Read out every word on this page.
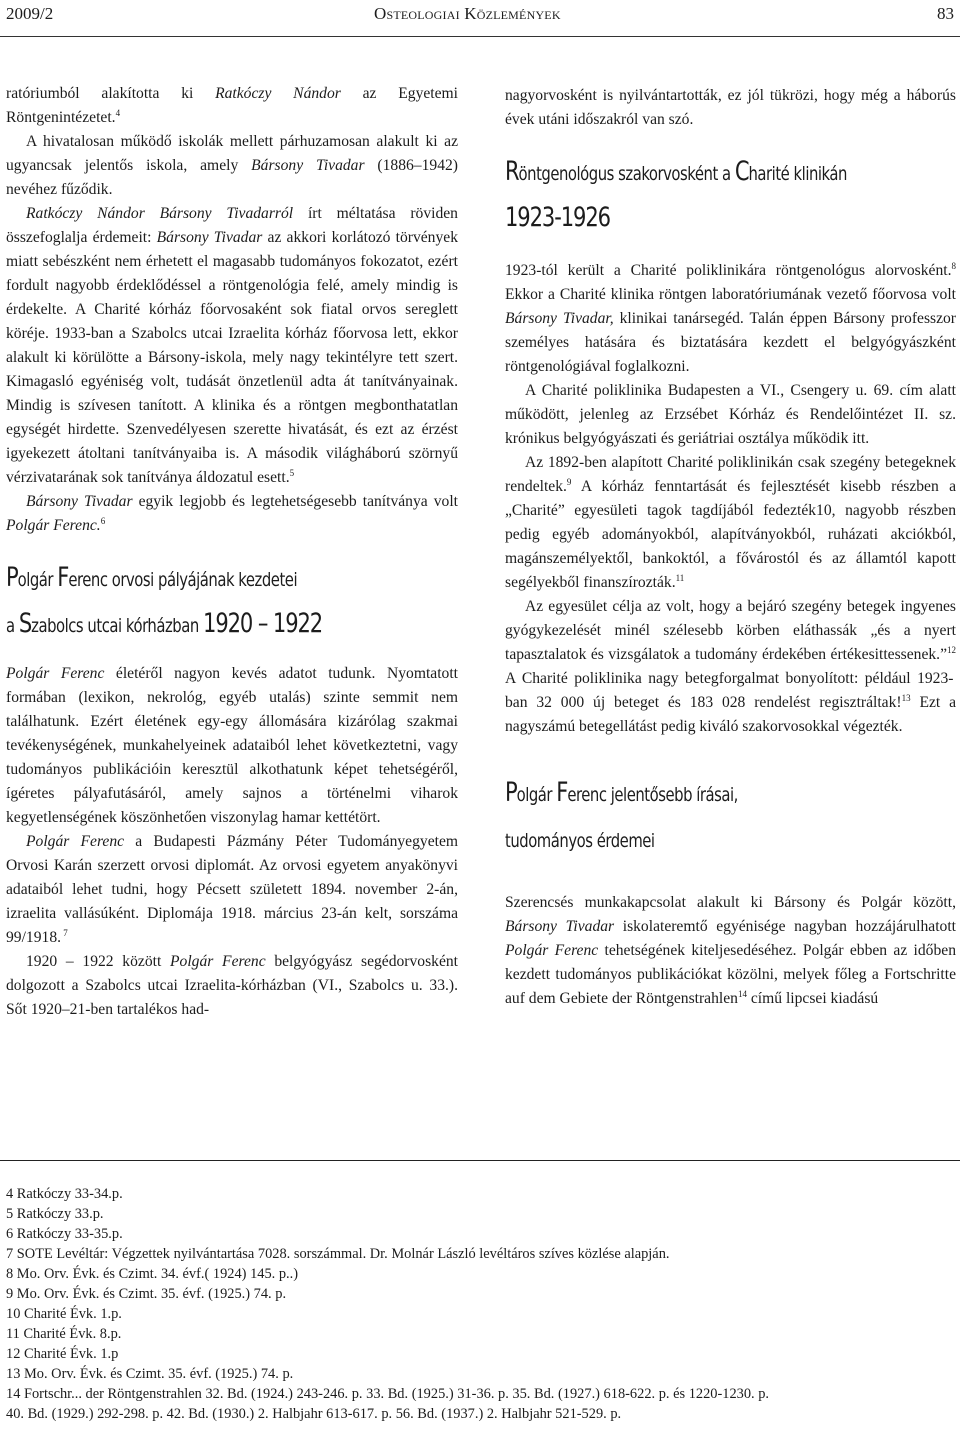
2009/2	Osteologiai Közlemények	83

ratóriumból alakította ki Ratkóczy Nándor az Egyetemi Röntgenintézetet.$^4$

A hivatalosan működő iskolák mellett párhuzamosan alakult ki az ugyancsak jelentős iskola, amely Bársony Tivadar (1886–1942) nevéhez fűződik.

Ratkóczy Nándor Bársony Tivadarról írt méltatása röviden összefoglalja érdemeit: Bársony Tivadar az akkori korlátozó törvények miatt sebészként nem érhetett el magasabb tudományos fokozatot, ezért fordult nagyobb érdeklődéssel a röntgenológia felé, amely mindig is érdekelte. A Charité kórház főorvosaként sok fiatal orvos sereglett köréje. 1933-ban a Szabolcs utcai Izraelita kórház főorvosa lett, ekkor alakult ki körülötte a Bársony-iskola, mely nagy tekintélyre tett szert. Kimagasló egyéniség volt, tudását önzetlenül adta át tanítványainak. Mindig is szívesen tanított. A klinika és a röntgen megbonthatatlan egységét hirdette. Szenvedélyesen szerette hivatását, és ezt az érzést igyekezett átoltani tanítványaiba is. A második világháború szörnyű vérzivatarának sok tanítványa áldozatul esett.$^5$

Bársony Tivadar egyik legjobb és legtehetségesebb tanítványa volt Polgár Ferenc.$^6$

Polgár Ferenc orvosi pályájának kezdetei
a Szabolcs utcai kórházban 1920 – 1922

Polgár Ferenc életéről nagyon kevés adatot tudunk. Nyomtatott formában (lexikon, nekrológ, egyéb utalás) szinte semmit nem találhatunk. Ezért életének egy-egy állomására kizárólag szakmai tevékenységének, munkahelyeinek adataiból lehet következtetni, vagy tudományos publikációin keresztül alkothatunk képet tehetségéről, ígéretes pályafutásáról, amely sajnos a történelmi viharok kegyetlenségének köszönhetően viszonylag hamar kettétört.

Polgár Ferenc a Budapesti Pázmány Péter Tudományegyetem Orvosi Karán szerzett orvosi diplomát. Az orvosi egyetem anyakönyvi adataiból lehet tudni, hogy Pécsett született 1894. november 2-án, izraelita vallásúként. Diplomája 1918. március 23-án kelt, sorszáma 99/1918. $^7$

1920 – 1922 között Polgár Ferenc belgyógyász segédorvosként dolgozott a Szabolcs utcai Izraelita-kórházban (VI., Szabolcs u. 33.). Sőt 1920–21-ben tartalékos had-

nagyorvosként is nyilvántartották, ez jól tükrözi, hogy még a háborús évek utáni időszakról van szó.

Röntgenológus szakorvosként a Charité klinikán
1923-1926

1923-tól került a Charité poliklinikára röntgenológus alorvosként.$^8$ Ekkor a Charité klinika röntgen laboratóriumának vezető főorvosa volt Bársony Tivadar, klinikai tanársegéd. Talán éppen Bársony professzor személyes hatására és biztatására kezdett el belgyógyászként röntgenológiával foglalkozni.

A Charité poliklinika Budapesten a VI., Csengery u. 69. cím alatt működött, jelenleg az Erzsébet Kórház és Rendelőintézet II. sz. krónikus belgyógyászati és geriátriai osztálya működik itt.

Az 1892-ben alapított Charité poliklinikán csak szegény betegeknek rendeltek.$^9$ A kórház fenntartását és fejlesztését kisebb részben a „Charité” egyesületi tagok tagdíjából fedezték10, nagyobb részben pedig egyéb adományokból, alapítványokból, ruházati akciókból, magánszemélyektől, bankoktól, a fővárostól és az államtól kapott segélyekből finanszírozták.$^{11}$

Az egyesület célja az volt, hogy a bejáró szegény betegek ingyenes gyógykezelését minél szélesebb körben eláthassák „és a nyert tapasztalatok és vizsgálatok a tudomány érdekében értékesittessenek.”$^{12}$ A Charité poliklinika nagy betegforgalmat bonyolított: például 1923-ban 32 000 új beteget és 183 028 rendelést regisztráltak!$^{13}$ Ezt a nagyszámú betegellátást pedig kiváló szakorvosokkal végezték.

Polgár Ferenc jelentősebb írásai,
tudományos érdemei

Szerencsés munkakapcsolat alakult ki Bársony és Polgár között, Bársony Tivadar iskolateremtő egyénisége nagyban hozzájárulhatott Polgár Ferenc tehetségének kiteljesedéséhez. Polgár ebben az időben kezdett tudományos publikációkat közölni, melyek főleg a Fortschritte auf dem Gebiete der Röntgenstrahlen$^{14}$ című lipcsei kiadású

4 Ratkóczy 33-34.p.
5 Ratkóczy 33.p.
6 Ratkóczy 33-35.p.
7 SOTE Levéltár: Végzettek nyilvántartása 7028. sorszámmal. Dr. Molnár László levéltáros szíves közlése alapján.
8 Mo. Orv. Évk. és Czimt. 34. évf.( 1924) 145. p..)
9 Mo. Orv. Évk. és Czimt. 35. évf. (1925.) 74. p.
10 Charité Évk. 1.p.
11 Charité Évk. 8.p.
12 Charité Évk. 1.p
13 Mo. Orv. Évk. és Czimt. 35. évf. (1925.) 74. p.
14 Fortschr... der Röntgenstrahlen 32. Bd. (1924.) 243-246. p. 33. Bd. (1925.) 31-36. p. 35. Bd. (1927.) 618-622. p. és 1220-1230. p.
40. Bd. (1929.) 292-298. p. 42. Bd. (1930.) 2. Halbjahr 613-617. p. 56. Bd. (1937.) 2. Halbjahr 521-529. p.
